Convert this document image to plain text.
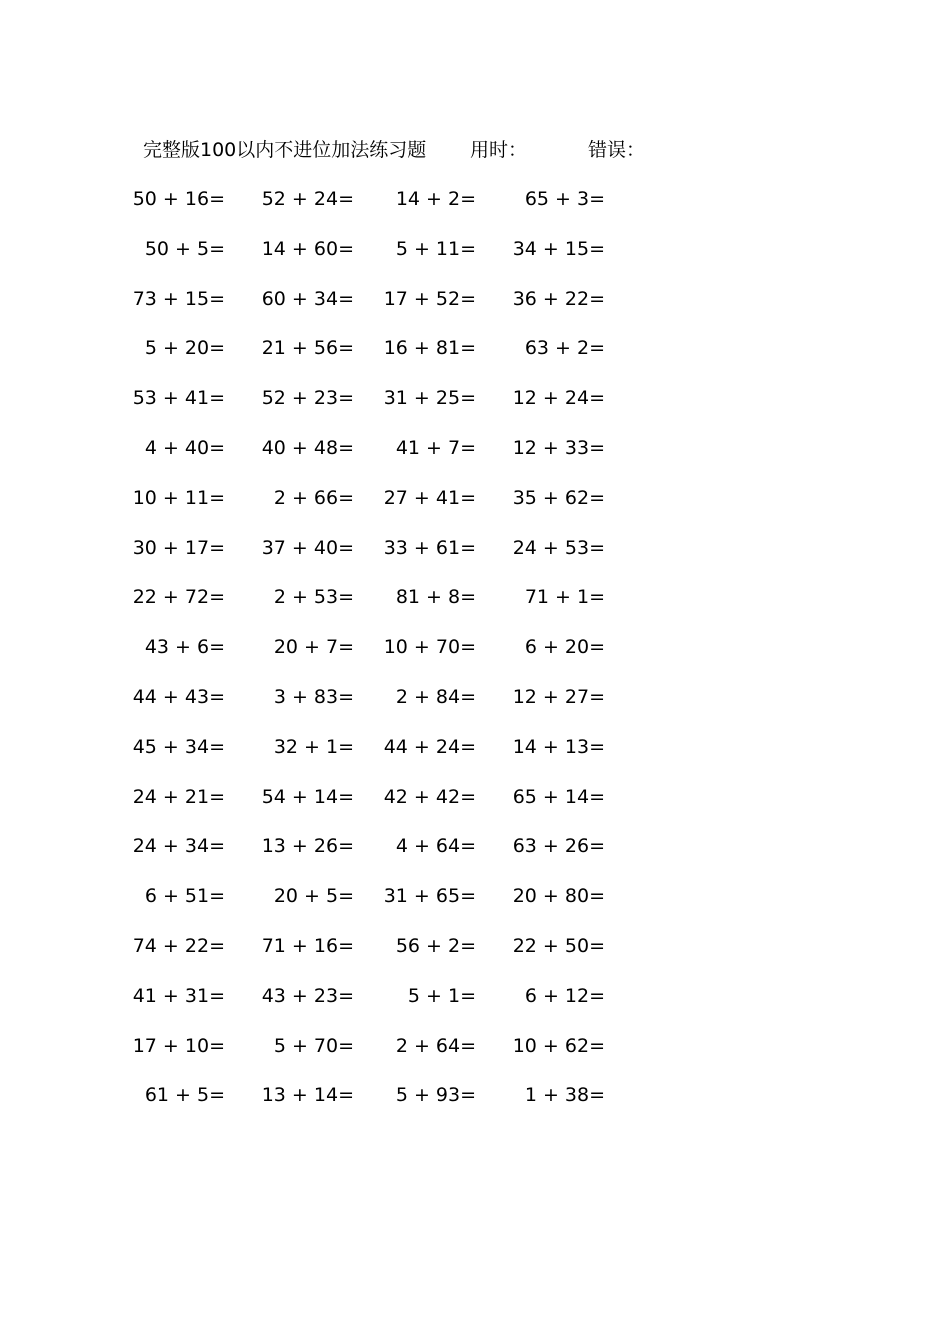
完整版100以内不进位加法练习题 用时：	错误：
50 + 16=	52 + 24=	14 + 2=	65 + 3=
50 + 5=	14 + 60=	5 + 11=	34 + 15=
73 + 15=	60 + 34=	17 + 52=	36 + 22=
5 + 20=	21 + 56=	16 + 81=	63 + 2=
53 + 41=	52 + 23=	31 + 25=	12 + 24=
4 + 40=	40 + 48=	41 + 7=	12 + 33=
10 + 11=	2 + 66=	27 + 41=	35 + 62=
30 + 17=	37 + 40=	33 + 61=	24 + 53=
22 + 72=	2 + 53=	81 + 8=	71 + 1=
43 + 6=	20 + 7=	10 + 70=	6 + 20=
44 + 43=	3 + 83=	2 + 84=	12 + 27=
45 + 34=	32 + 1=	44 + 24=	14 + 13=
24 + 21=	54 + 14=	42 + 42=	65 + 14=
24 + 34=	13 + 26=	4 + 64=	63 + 26=
6 + 51=	20 + 5=	31 + 65=	20 + 80=
74 + 22=	71 + 16=	56 + 2=	22 + 50=
41 + 31=	43 + 23=	5 + 1=	6 + 12=
17 + 10=	5 + 70=	2 + 64=	10 + 62=
61 + 5=	13 + 14=	5 + 93=	1 + 38=
